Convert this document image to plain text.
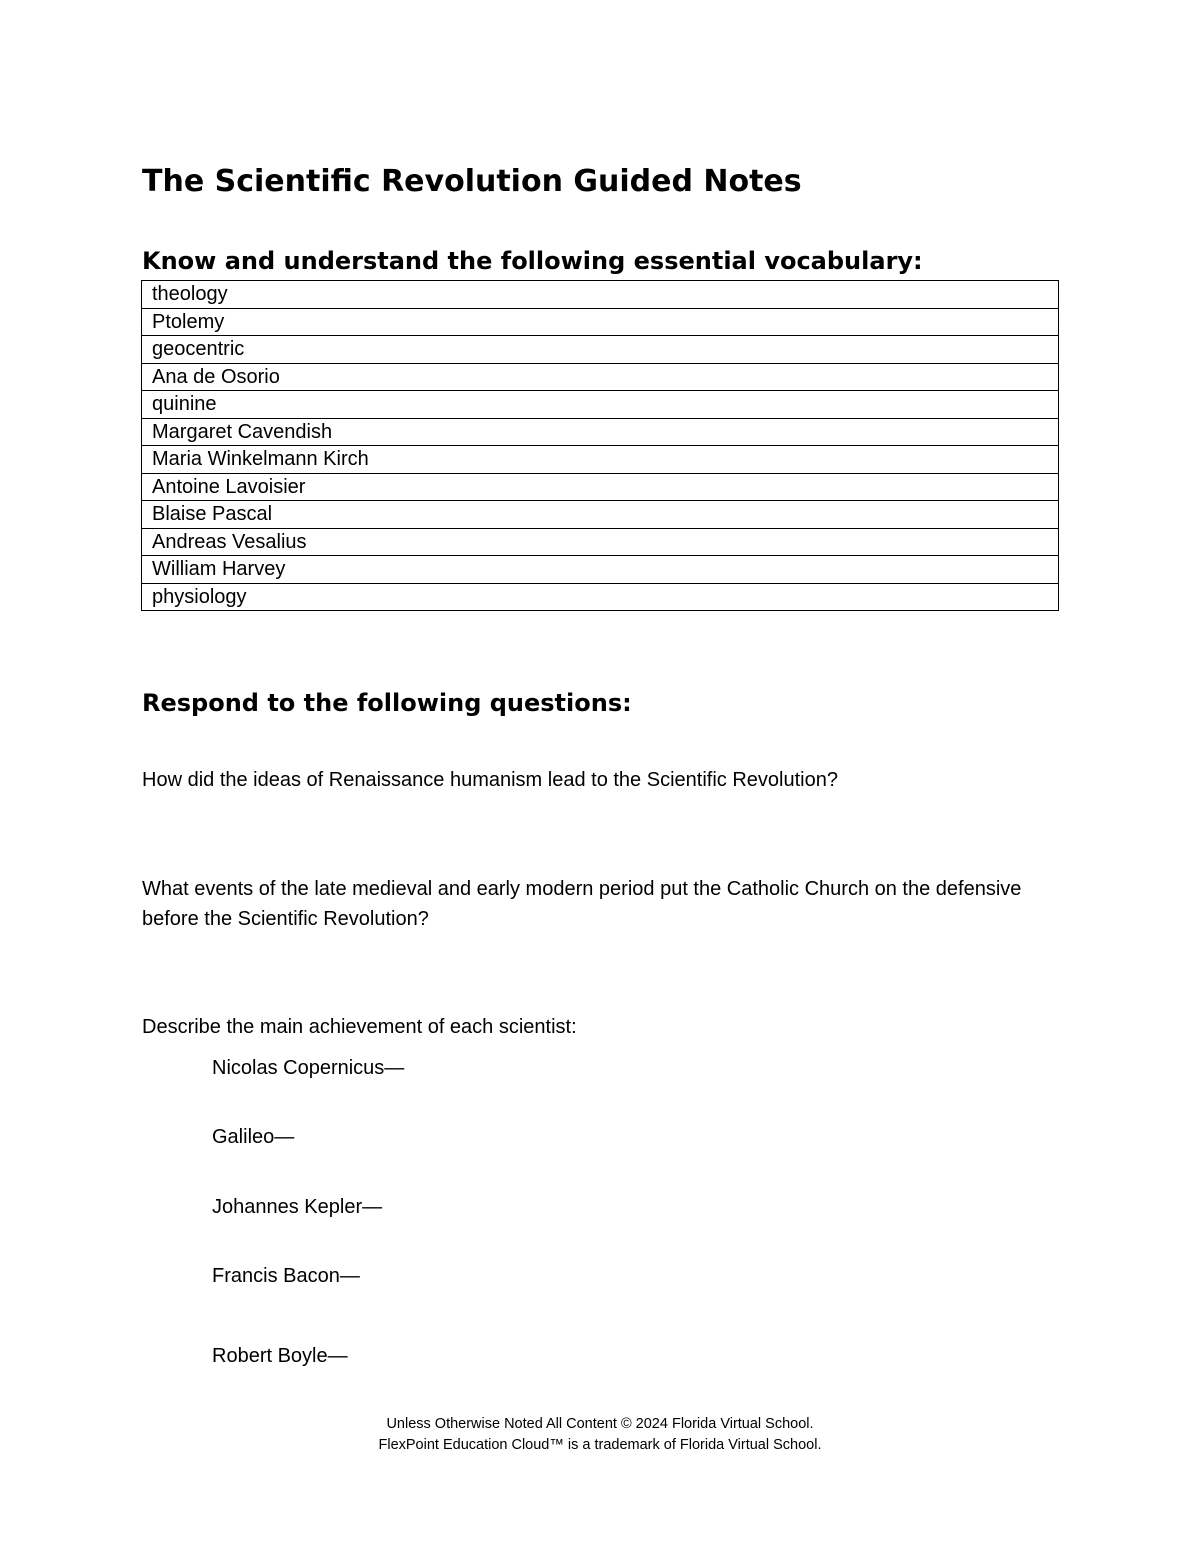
The Scientific Revolution Guided Notes
Know and understand the following essential vocabulary:
theology
Ptolemy
geocentric
Ana de Osorio
quinine
Margaret Cavendish
Maria Winkelmann Kirch
Antoine Lavoisier
Blaise Pascal
Andreas Vesalius
William Harvey
physiology
Respond to the following questions:

How did the ideas of Renaissance humanism lead to the Scientific Revolution?

What events of the late medieval and early modern period put the Catholic Church on the defensive before the Scientific Revolution?

Describe the main achievement of each scientist:

Nicolas Copernicus—

Galileo—

Johannes Kepler—

Francis Bacon—

Robert Boyle—

Unless Otherwise Noted All Content © 2024 Florida Virtual School.

FlexPoint Education Cloud™ is a trademark of Florida Virtual School.
